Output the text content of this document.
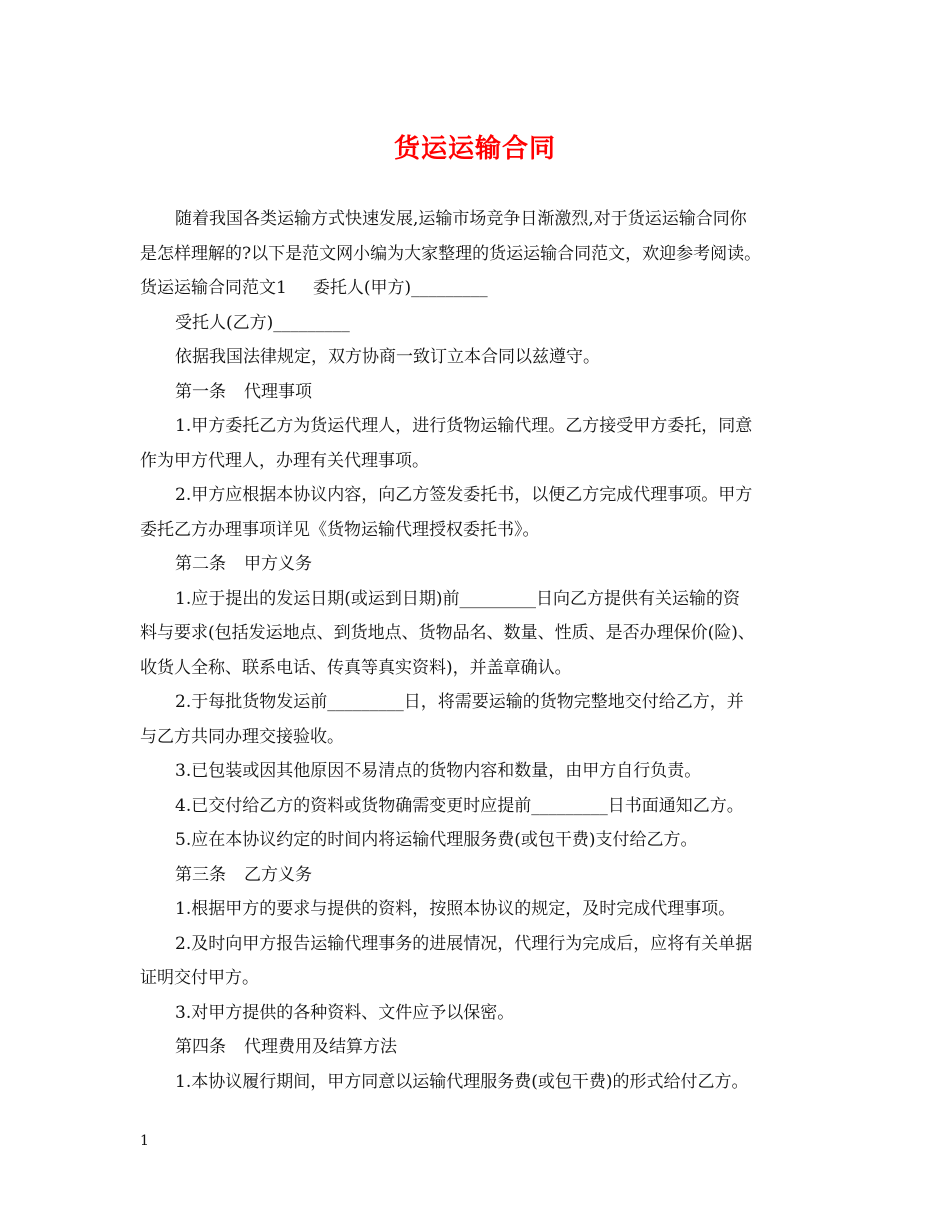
货运运输合同

随着我国各类运输方式快速发展,运输市场竞争日渐激烈,对于货运运输合同你

是怎样理解的?以下是范文网小编为大家整理的货运运输合同范文，欢迎参考阅读。

货运运输合同范文1 委托人(甲方)_________

受托人(乙方)_________

依据我国法律规定，双方协商一致订立本合同以兹遵守。

第一条 代理事项

1.甲方委托乙方为货运代理人，进行货物运输代理。乙方接受甲方委托，同意

作为甲方代理人，办理有关代理事项。

2.甲方应根据本协议内容，向乙方签发委托书，以便乙方完成代理事项。甲方

委托乙方办理事项详见《货物运输代理授权委托书》。

第二条 甲方义务

1.应于提出的发运日期(或运到日期)前_________日向乙方提供有关运输的资

料与要求(包括发运地点、到货地点、货物品名、数量、性质、是否办理保价(险)、

收货人全称、联系电话、传真等真实资料)，并盖章确认。

2.于每批货物发运前_________日，将需要运输的货物完整地交付给乙方，并

与乙方共同办理交接验收。

3.已包装或因其他原因不易清点的货物内容和数量，由甲方自行负责。

4.已交付给乙方的资料或货物确需变更时应提前_________日书面通知乙方。

5.应在本协议约定的时间内将运输代理服务费(或包干费)支付给乙方。

第三条 乙方义务

1.根据甲方的要求与提供的资料，按照本协议的规定，及时完成代理事项。

2.及时向甲方报告运输代理事务的进展情况，代理行为完成后，应将有关单据

证明交付甲方。

3.对甲方提供的各种资料、文件应予以保密。

第四条 代理费用及结算方法

1.本协议履行期间，甲方同意以运输代理服务费(或包干费)的形式给付乙方。

1
